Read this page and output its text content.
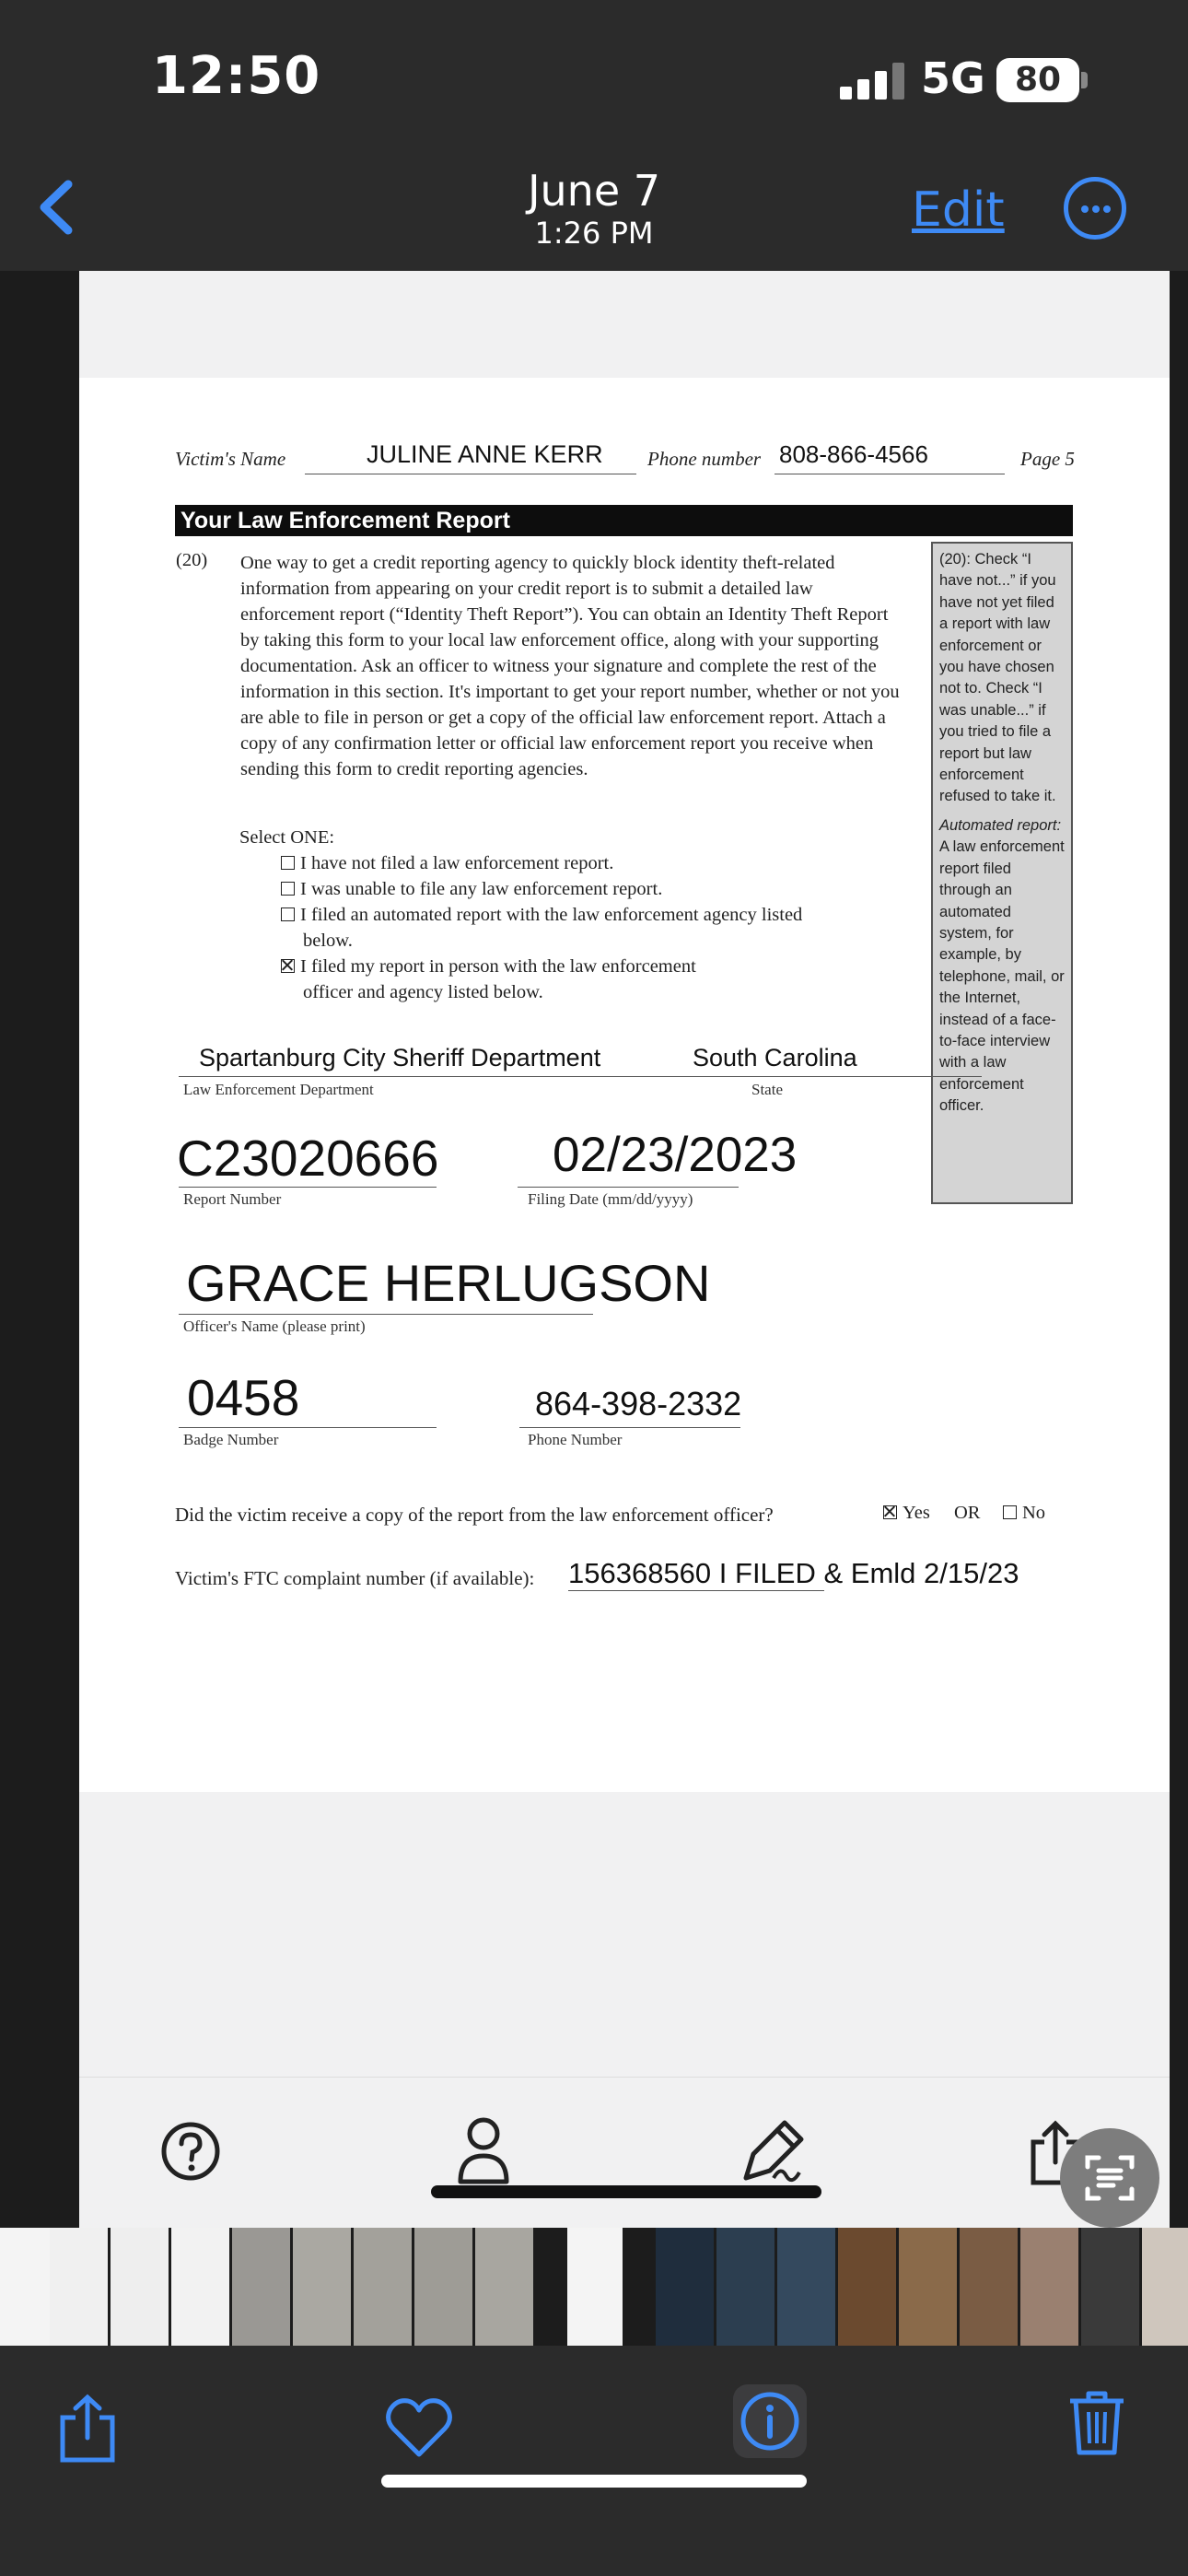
12:50	5G 80
June 7
1:26 PM	Edit
Victim's Name	JULINE ANNE KERR Phone number 808-866-4566	Page 5
Your Law Enforcement Report
(20) One way to get a credit reporting agency to quickly block identity theft-related information from appearing on your credit report is to submit a detailed law enforcement report (“Identity Theft Report”). You can obtain an Identity Theft Report by taking this form to your local law enforcement office, along with your supporting documentation. Ask an officer to witness your signature and complete the rest of the information in this section. It's important to get your report number, whether or not you are able to file in person or get a copy of the official law enforcement report. Attach a copy of any confirmation letter or official law enforcement report you receive when sending this form to credit reporting agencies.

(20): Check “I have not...” if you have not yet filed a report with law enforcement or you have chosen not to. Check “I was unable...” if you tried to file a report but law enforcement refused to take it.

Automated report: A law enforcement report filed through an automated system, for example, by telephone, mail, or the Internet, instead of a face-to-face interview with a law enforcement officer.

Select ONE:
I have not filed a law enforcement report.
I was unable to file any law enforcement report.
I filed an automated report with the law enforcement agency listed
below.
I filed my report in person with the law enforcement
officer and agency listed below.
Spartanburg City Sheriff Department	South Carolina
Law Enforcement Department	State
C23020666
Report Number
02/23/2023
Filing Date (mm/dd/yyyy)
GRACE HERLUGSON
Officer's Name (please print)
0458
Badge Number
864-398-2332
Phone Number
Did the victim receive a copy of the report from the law enforcement officer?	Yes OR	No
Victim's FTC complaint number (if available): 156368560 I FILED & Emld 2/15/23
